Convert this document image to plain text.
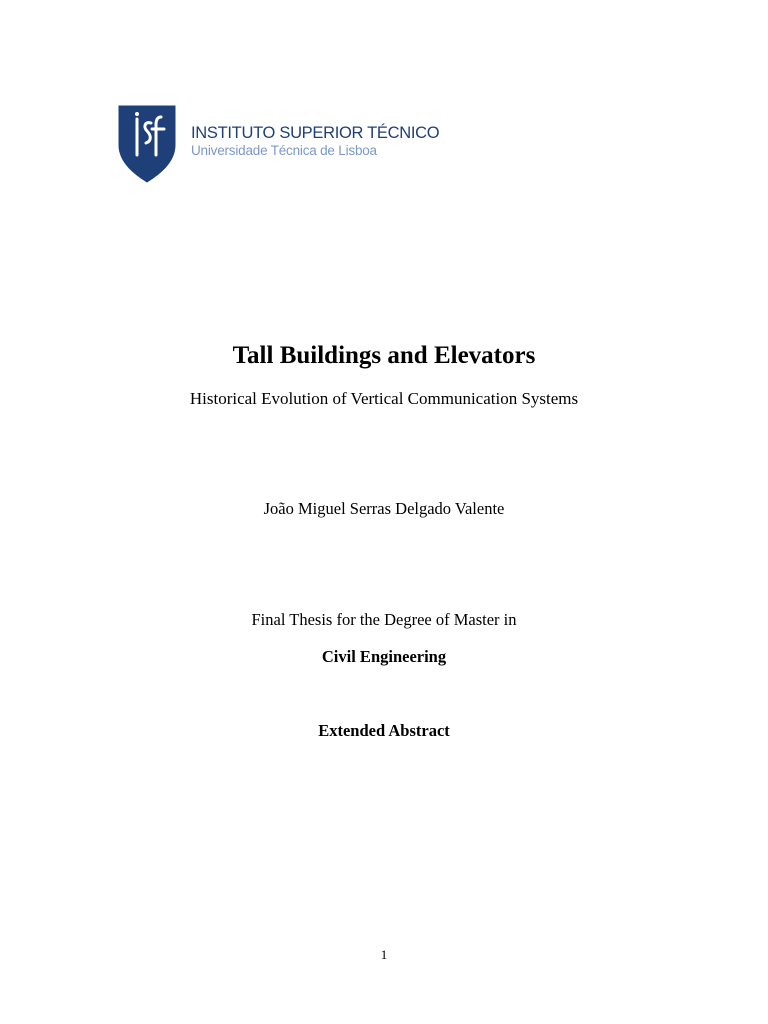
INSTITUTO SUPERIOR TÉCNICO
Universidade Técnica de Lisboa
Tall Buildings and Elevators
Historical Evolution of Vertical Communication Systems
João Miguel Serras Delgado Valente
Final Thesis for the Degree of Master in
Civil Engineering
Extended Abstract
1
